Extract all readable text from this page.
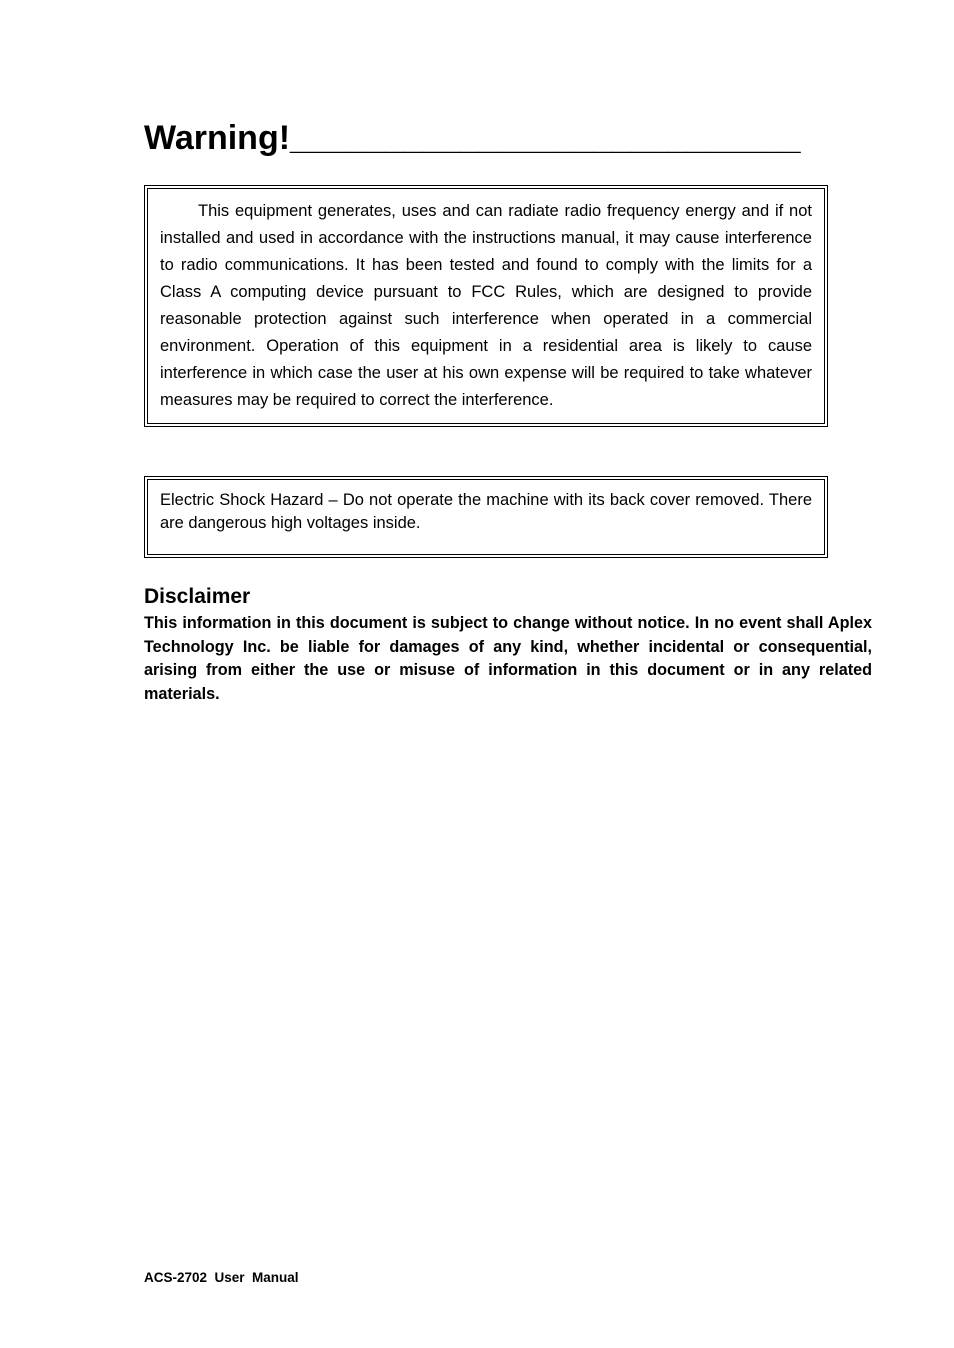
Warning!___________________________

This equipment generates, uses and can radiate radio frequency energy and if not installed and used in accordance with the instructions manual, it may cause interference to radio communications. It has been tested and found to comply with the limits for a Class A computing device pursuant to FCC Rules, which are designed to provide reasonable protection against such interference when operated in a commercial environment. Operation of this equipment in a residential area is likely to cause interference in which case the user at his own expense will be required to take whatever measures may be required to correct the interference.

Electric Shock Hazard – Do not operate the machine with its back cover removed. There are dangerous high voltages inside.

Disclaimer

This information in this document is subject to change without notice. In no event shall Aplex Technology Inc. be liable for damages of any kind, whether incidental or consequential, arising from either the use or misuse of information in this document or in any related materials.

ACS-2702  User  Manual
